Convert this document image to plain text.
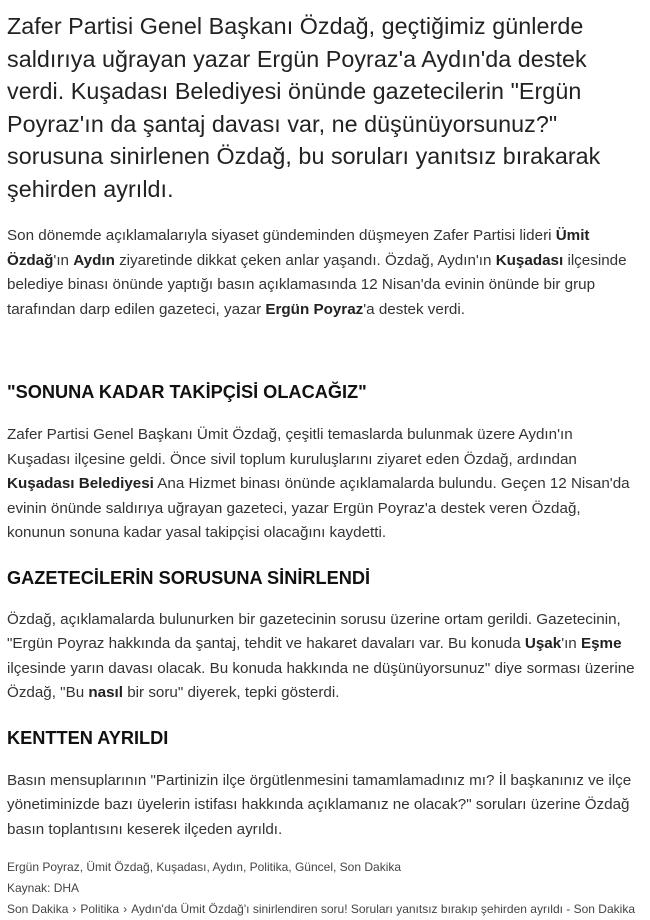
Zafer Partisi Genel Başkanı Özdağ, geçtiğimiz günlerde saldırıya uğrayan yazar Ergün Poyraz'a Aydın'da destek verdi. Kuşadası Belediyesi önünde gazetecilerin "Ergün Poyraz'ın da şantaj davası var, ne düşünüyorsunuz?" sorusuna sinirlenen Özdağ, bu soruları yanıtsız bırakarak şehirden ayrıldı.

Son dönemde açıklamalarıyla siyaset gündeminden düşmeyen Zafer Partisi lideri Ümit Özdağ'ın Aydın ziyaretinde dikkat çeken anlar yaşandı. Özdağ, Aydın'ın Kuşadası ilçesinde belediye binası önünde yaptığı basın açıklamasında 12 Nisan'da evinin önünde bir grup tarafından darp edilen gazeteci, yazar Ergün Poyraz'a destek verdi.

"SONUNA KADAR TAKİPÇİSİ OLACAĞIZ"

Zafer Partisi Genel Başkanı Ümit Özdağ, çeşitli temaslarda bulunmak üzere Aydın'ın Kuşadası ilçesine geldi. Önce sivil toplum kuruluşlarını ziyaret eden Özdağ, ardından Kuşadası Belediyesi Ana Hizmet binası önünde açıklamalarda bulundu. Geçen 12 Nisan'da evinin önünde saldırıya uğrayan gazeteci, yazar Ergün Poyraz'a destek veren Özdağ, konunun sonuna kadar yasal takipçisi olacağını kaydetti.

GAZETECİLERİN SORUSUNA SİNİRLENDİ

Özdağ, açıklamalarda bulunurken bir gazetecinin sorusu üzerine ortam gerildi. Gazetecinin, "Ergün Poyraz hakkında da şantaj, tehdit ve hakaret davaları var. Bu konuda Uşak'ın Eşme ilçesinde yarın davası olacak. Bu konuda hakkında ne düşünüyorsunuz" diye sorması üzerine Özdağ, "Bu nasıl bir soru" diyerek, tepki gösterdi.

KENTTEN AYRILDI

Basın mensuplarının "Partinizin ilçe örgütlenmesini tamamlamadınız mı? İl başkanınız ve ilçe yönetiminizde bazı üyelerin istifası hakkında açıklamanız ne olacak?" soruları üzerine Özdağ basın toplantısını keserek ilçeden ayrıldı.

Ergün Poyraz, Ümit Özdağ, Kuşadası, Aydın, Politika, Güncel, Son Dakika
Kaynak: DHA
Son Dakika › Politika › Aydın'da Ümit Özdağ'ı sinirlendiren soru! Soruları yanıtsız bırakıp şehirden ayrıldı - Son Dakika
